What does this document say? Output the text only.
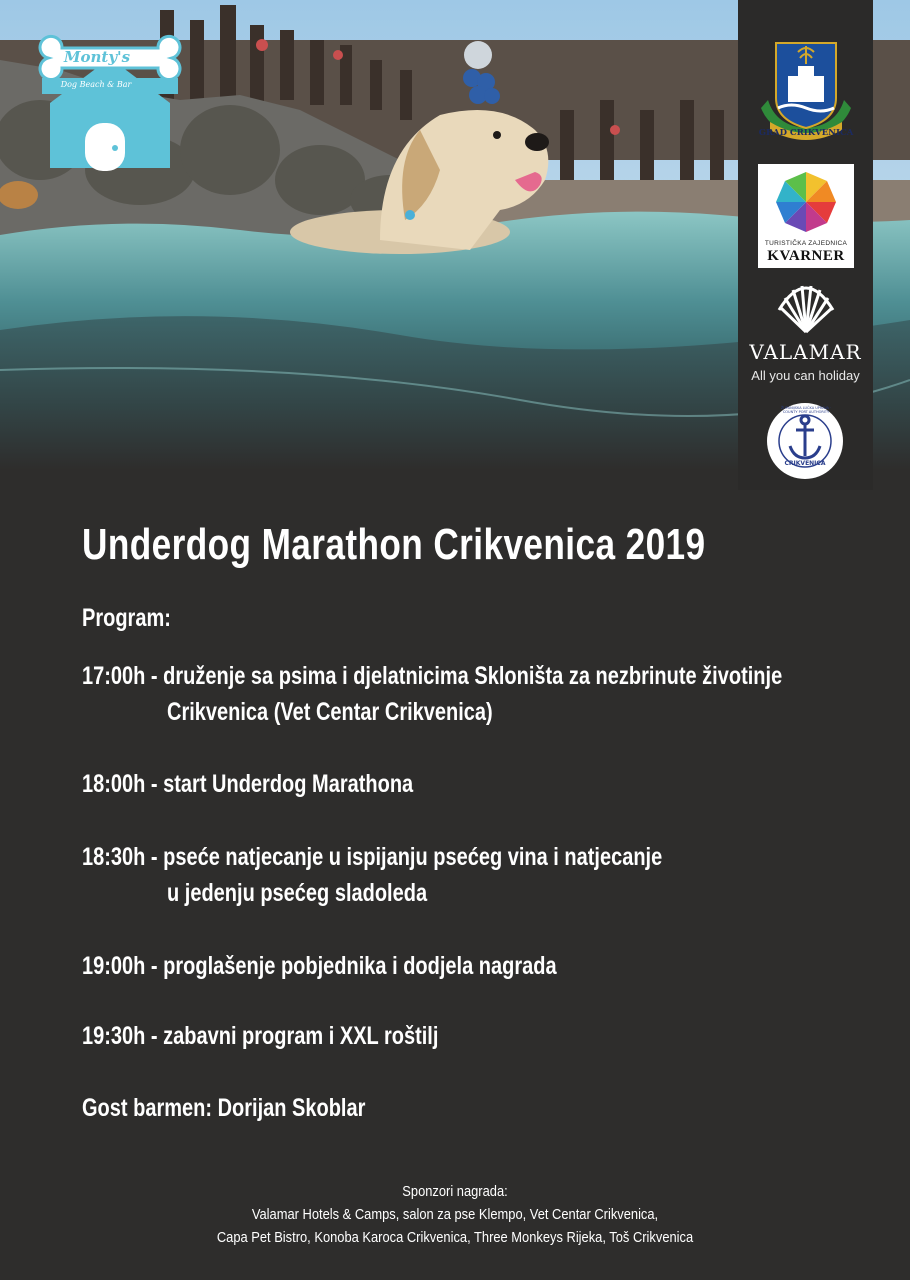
Monty's
Dog Beach & Bar
GRAD CRIKVENICA
TURISTIČKA ZAJEDNICA
KVARNER
VALAMAR
All you can holiday
ŽUPANIJSKA LUČKA UPRAVA · COUNTY PORT AUTHORITY
CRIKVENICA
Underdog Marathon Crikvenica 2019
Program:
17:00h - druženje sa psima i djelatnicima Skloništa za nezbrinute životinje
Crikvenica (Vet Centar Crikvenica)
18:00h - start Underdog Marathona
18:30h - pseće natjecanje u ispijanju psećeg vina i natjecanje
u jedenju psećeg sladoleda
19:00h - proglašenje pobjednika i dodjela nagrada
19:30h - zabavni program i XXL roštilj
Gost barmen: Dorijan Skoblar
Sponzori nagrada:
Valamar Hotels & Camps, salon za pse Klempo, Vet Centar Crikvenica,
Capa Pet Bistro, Konoba Karoca Crikvenica, Three Monkeys Rijeka, Toš Crikvenica
